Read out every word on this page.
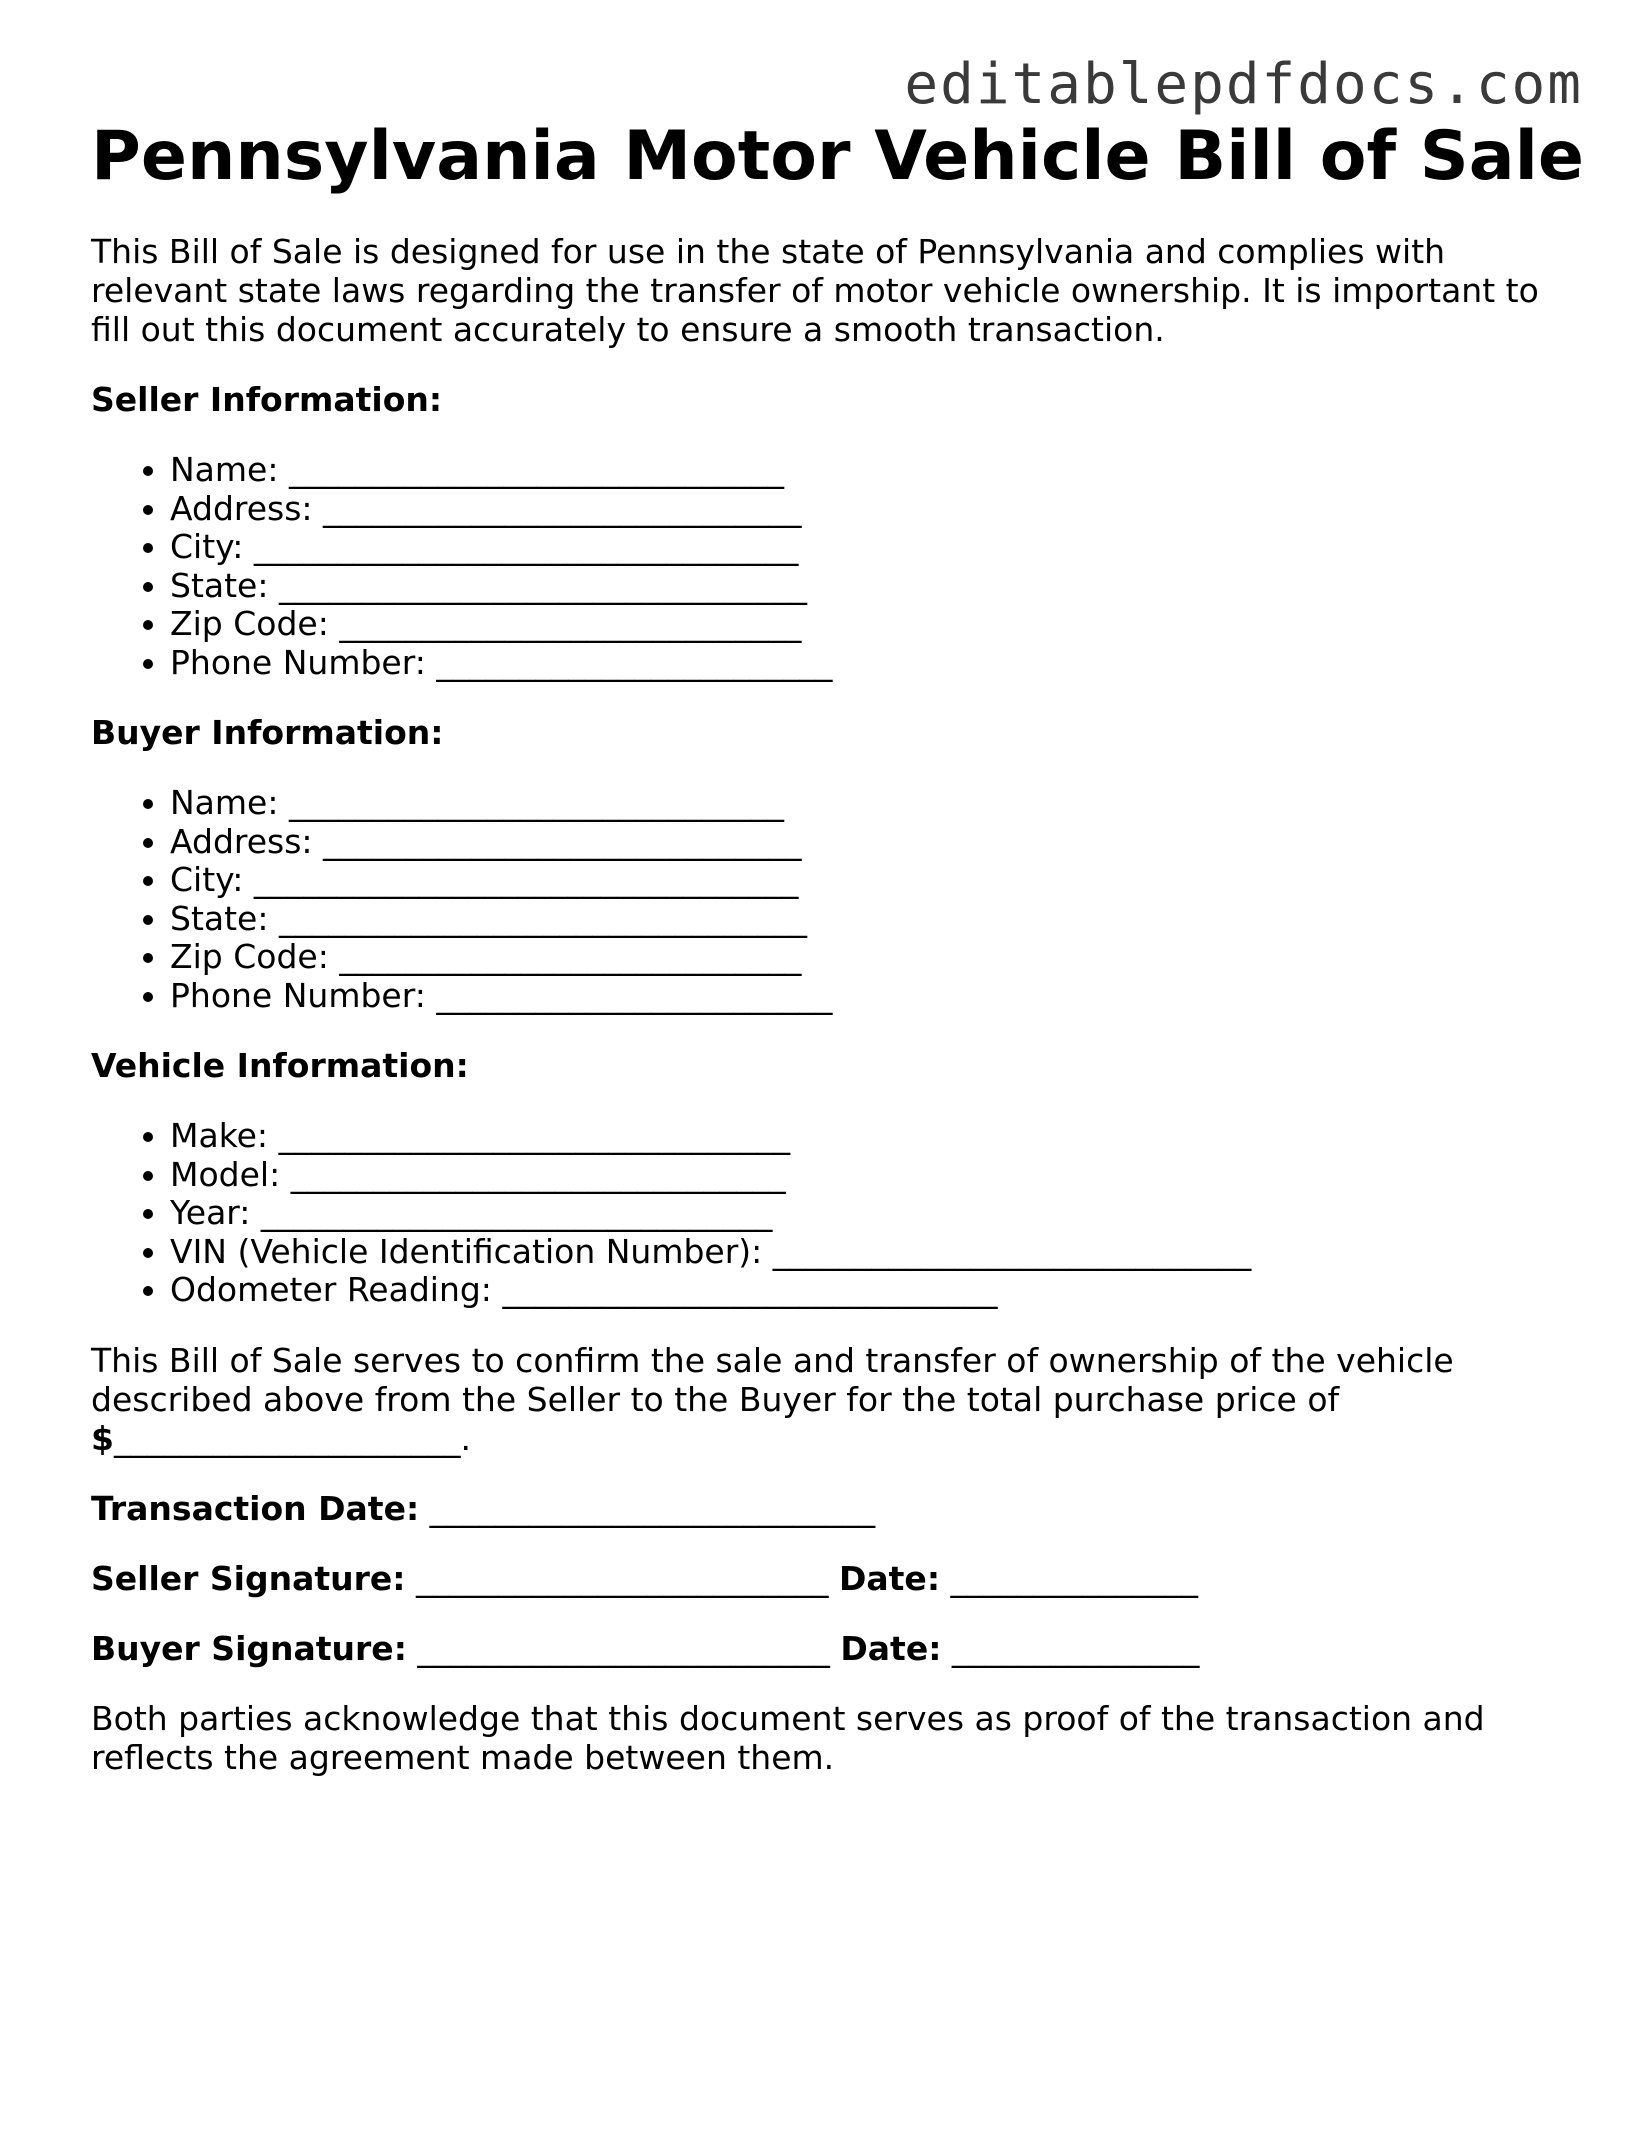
editablepdfdocs.com
Pennsylvania Motor Vehicle Bill of Sale

This Bill of Sale is designed for use in the state of Pennsylvania and complies with relevant state laws regarding the transfer of motor vehicle ownership. It is important to fill out this document accurately to ensure a smooth transaction.

Seller Information:

• Name: ______________________________
• Address: _____________________________
• City: _________________________________
• State: ________________________________
• Zip Code: ____________________________
• Phone Number: ________________________

Buyer Information:

• Name: ______________________________
• Address: _____________________________
• City: _________________________________
• State: ________________________________
• Zip Code: ____________________________
• Phone Number: ________________________

Vehicle Information:

• Make: _______________________________
• Model: ______________________________
• Year: _______________________________
• VIN (Vehicle Identification Number): _____________________________
• Odometer Reading: ______________________________

This Bill of Sale serves to confirm the sale and transfer of ownership of the vehicle described above from the Seller to the Buyer for the total purchase price of
$_____________________.

Transaction Date: ___________________________

Seller Signature: _________________________ Date: _______________

Buyer Signature: _________________________ Date: _______________

Both parties acknowledge that this document serves as proof of the transaction and reflects the agreement made between them.
